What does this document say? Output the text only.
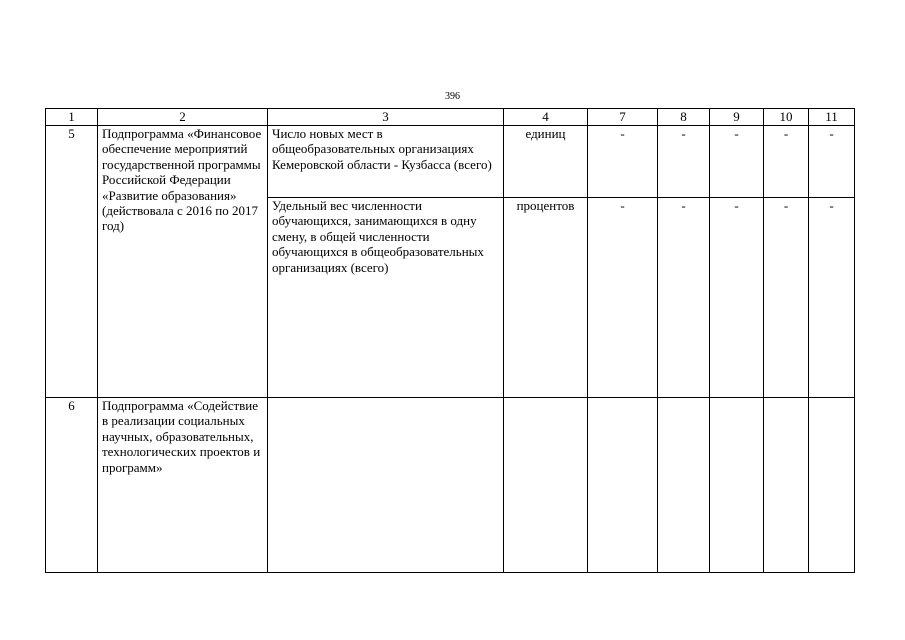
396
1	2	3	4	7	8	9	10	11
5	Подпрограмма «Финансовое обеспечение мероприятий государственной программы Российской Федерации «Развитие образования» (действовала с 2016 по 2017 год)	Число новых мест в общеобразовательных организациях Кемеровской области - Кузбасса (всего)	единиц	-	-	-	-	-
		Удельный вес численности обучающихся, занимающихся в одну смену, в общей численности обучающихся в общеобразовательных организациях (всего)	процентов	-	-	-	-	-
6	Подпрограмма «Содействие в реализации социальных научных, образовательных, технологических проектов и программ»							
